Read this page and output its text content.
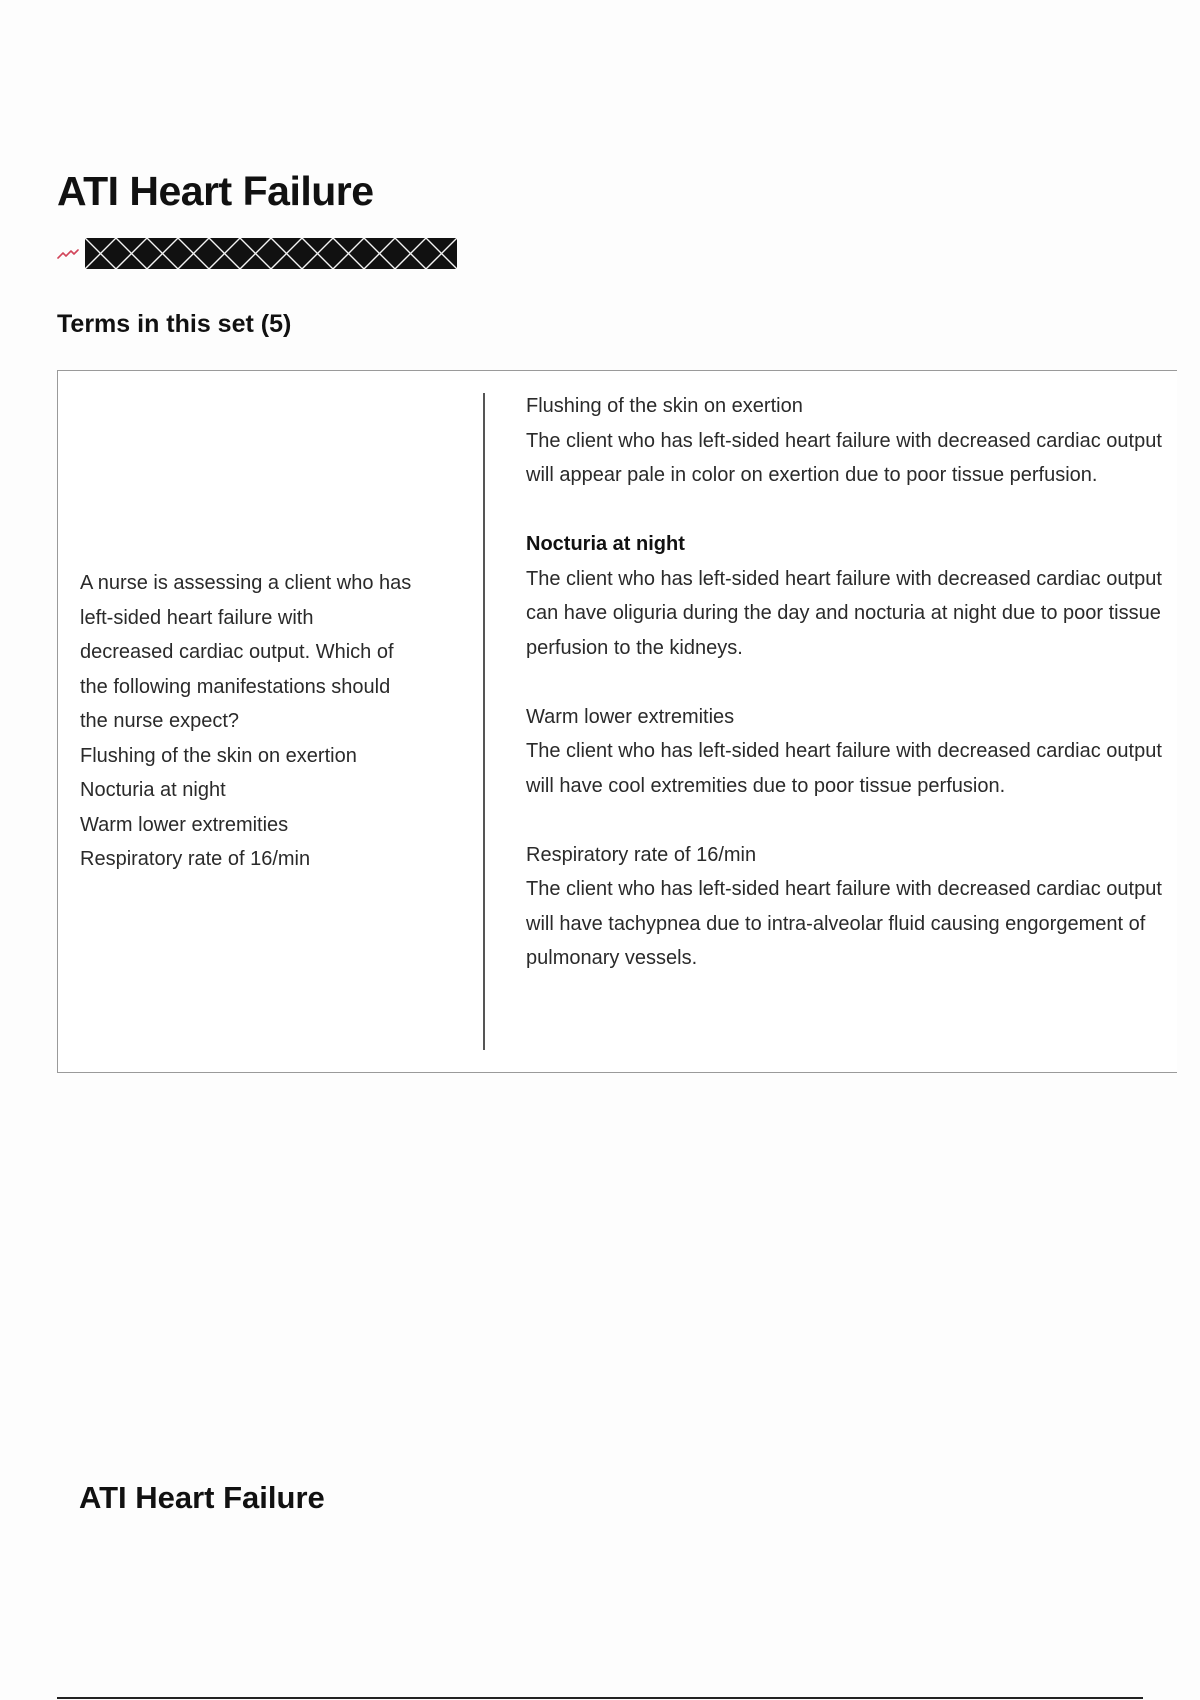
ATI Heart Failure
Terms in this set (5)
A nurse is assessing a client who has
left-sided heart failure with
decreased cardiac output. Which of
the following manifestations should
the nurse expect?
Flushing of the skin on exertion
Nocturia at night
Warm lower extremities
Respiratory rate of 16/min
Flushing of the skin on exertion
The client who has left-sided heart failure with decreased cardiac output will appear pale in color on exertion due to poor tissue perfusion.
Nocturia at night
The client who has left-sided heart failure with decreased cardiac output can have oliguria during the day and nocturia at night due to poor tissue perfusion to the kidneys.
Warm lower extremities
The client who has left-sided heart failure with decreased cardiac output will have cool extremities due to poor tissue perfusion.
Respiratory rate of 16/min
The client who has left-sided heart failure with decreased cardiac output will have tachypnea due to intra-alveolar fluid causing engorgement of pulmonary vessels.
ATI Heart Failure
